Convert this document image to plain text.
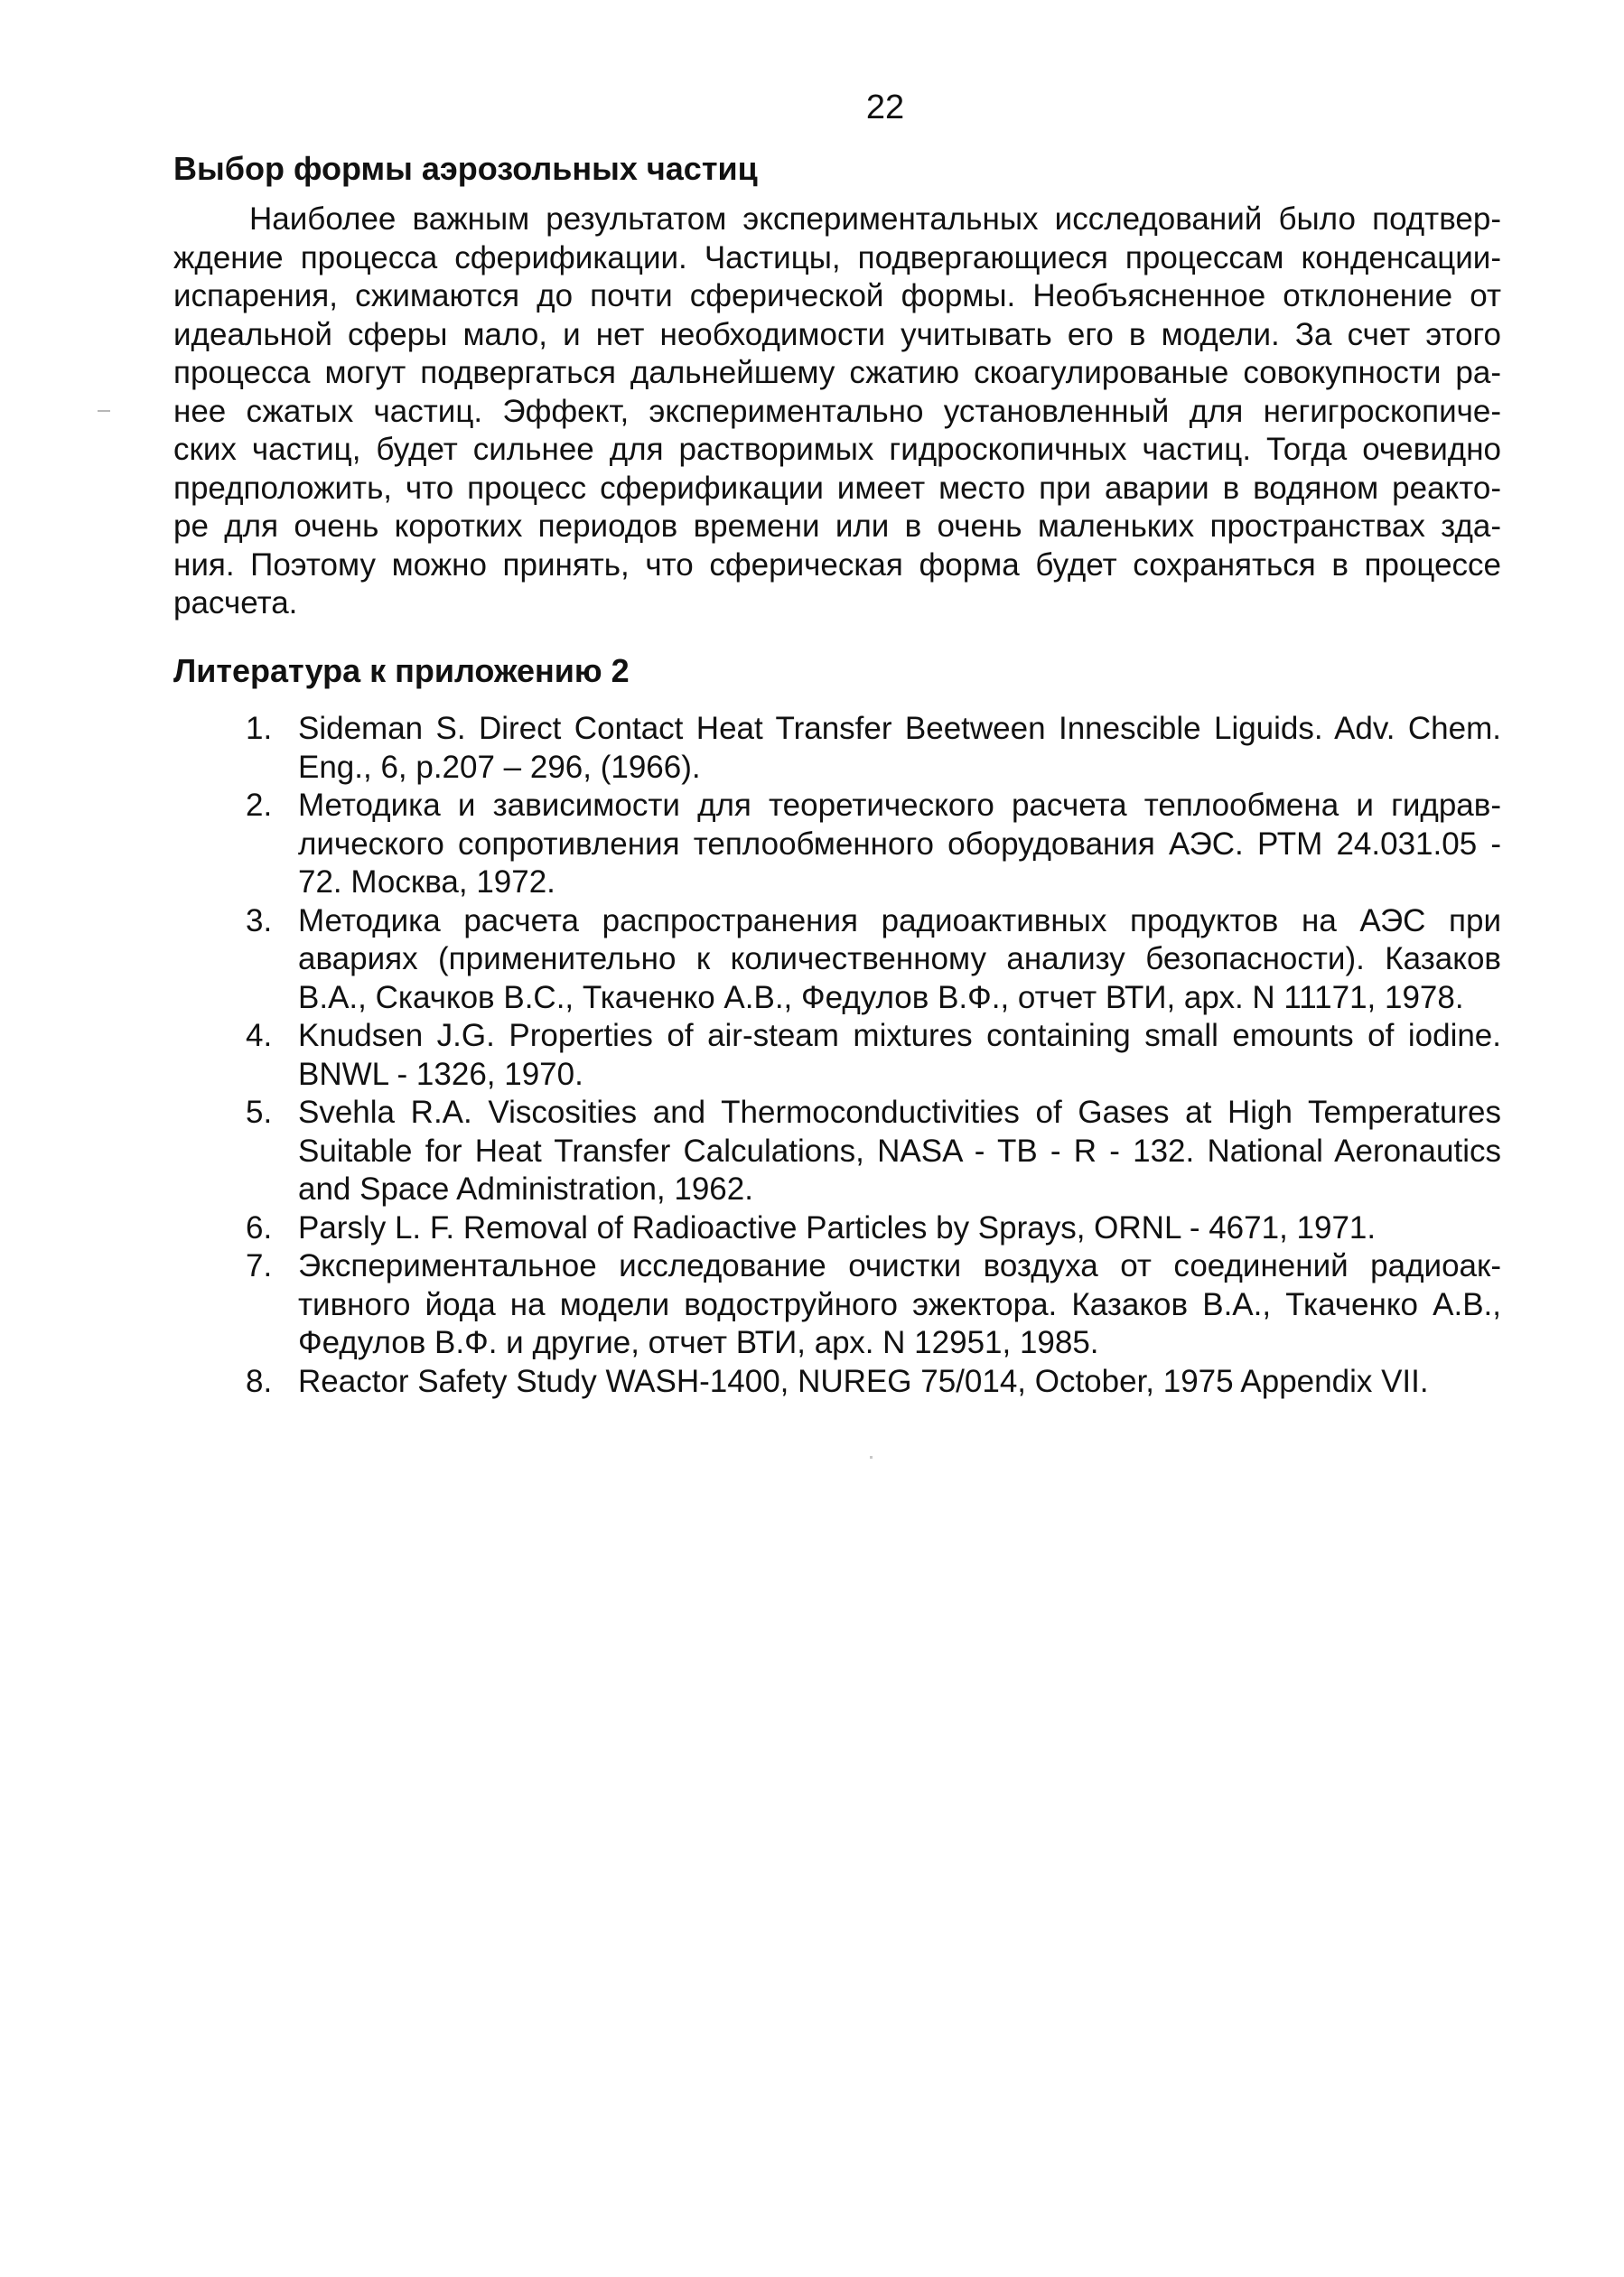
22
Выбор формы аэрозольных частиц

Наиболее важным результатом экспериментальных исследований было подтвер-
ждение процесса сферификации. Частицы, подвергающиеся процессам конденсации-
испарения, сжимаются до почти сферической формы. Необъясненное отклонение от
идеальной сферы мало, и нет необходимости учитывать его в модели. За счет этого
процесса могут подвергаться дальнейшему сжатию скоагулированые совокупности ра-
нее сжатых частиц. Эффект, экспериментально установленный для негигроскопиче-
ских частиц, будет сильнее для растворимых гидроскопичных частиц. Тогда очевидно
предположить, что процесс сферификации имеет место при аварии в водяном реакто-
ре для очень коротких периодов времени или в очень маленьких пространствах зда-
ния. Поэтому можно принять, что сферическая форма будет сохраняться в процессе
расчета.

Литература к приложению 2
1. Sideman S. Direct Contact Heat Transfer Beetween Innescible Liguids. Adv. Chem.
Eng., 6, p.207 – 296, (1966).
2. Методика и зависимости для теоретического расчета теплообмена и гидрав-
лического сопротивления теплообменного оборудования АЭС. РТМ 24.031.05 -
72. Москва, 1972.
3. Методика расчета распространения радиоактивных продуктов на АЭС при
авариях (применительно к количественному анализу безопасности). Казаков
В.А., Скачков В.С., Ткаченко А.В., Федулов В.Ф., отчет ВТИ, арх. N 11171, 1978.
4. Knudsen J.G. Properties of air-steam mixtures containing small emounts of iodine.
BNWL - 1326, 1970.
5. Svehla R.A. Viscosities and Thermoconductivities of Gases at High Temperatures
Suitable for Heat Transfer Calculations, NASA - TB - R - 132. National Aeronautics
and Space Administration, 1962.
6. Parsly L. F. Removal of Radioactive Particles by Sprays, ORNL - 4671, 1971.
7. Экспериментальное исследование очистки воздуха от соединений радиоак-
тивного йода на модели водоструйного эжектора. Казаков В.А., Ткаченко А.В.,
Федулов В.Ф. и другие, отчет ВТИ, арх. N 12951, 1985.
8. Reactor Safety Study WASH-1400, NUREG 75/014, October, 1975 Appendix VII.
